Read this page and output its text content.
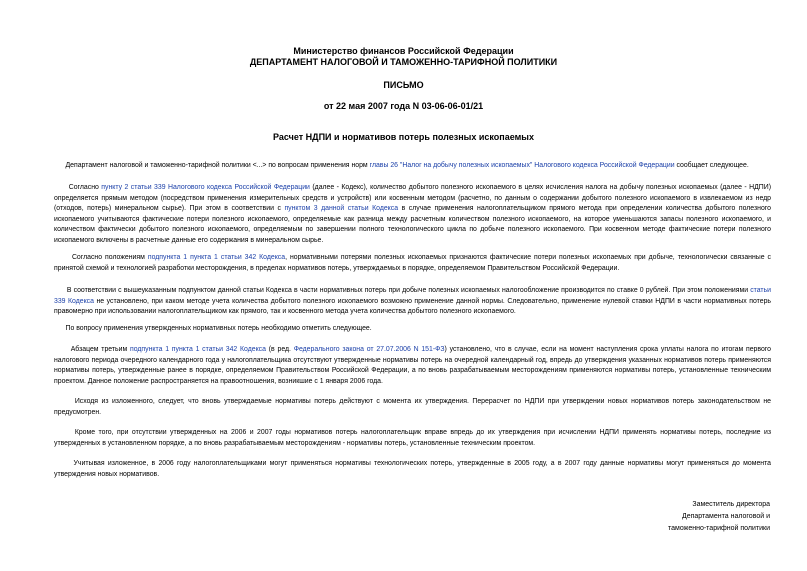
Министерство финансов Российской Федерации
ДЕПАРТАМЕНТ НАЛОГОВОЙ И ТАМОЖЕННО-ТАРИФНОЙ ПОЛИТИКИ
ПИСЬМО
от 22 мая 2007 года N 03-06-06-01/21
Расчет НДПИ и нормативов потерь полезных ископаемых
Департамент налоговой и таможенно-тарифной политики <...> по вопросам применения норм главы 26 "Налог на добычу полезных ископаемых" Налогового кодекса Российской Федерации сообщает следующее.
Согласно пункту 2 статьи 339 Налогового кодекса Российской Федерации (далее - Кодекс), количество добытого полезного ископаемого в целях исчисления налога на добычу полезных ископаемых (далее - НДПИ) определяется прямым методом (посредством применения измерительных средств и устройств) или косвенным методом (расчетно, по данным о содержании добытого полезного ископаемого в извлекаемом из недр (отходов, потерь) минеральном сырье). При этом в соответствии с пунктом 3 данной статьи Кодекса в случае применения налогоплательщиком прямого метода при определении количества добытого полезного ископаемого учитываются фактические потери полезного ископаемого, определяемые как разница между расчетным количеством полезного ископаемого, на которое уменьшаются запасы полезного ископаемого, и количеством фактически добытого полезного ископаемого, определяемым по завершении полного технологического цикла по добыче полезного ископаемого. При косвенном методе фактические потери полезного ископаемого включены в расчетные данные его содержания в минеральном сырье.
Согласно положениям подпункта 1 пункта 1 статьи 342 Кодекса, нормативными потерями полезных ископаемых признаются фактические потери полезных ископаемых при добыче, технологически связанные с принятой схемой и технологией разработки месторождения, в пределах нормативов потерь, утверждаемых в порядке, определяемом Правительством Российской Федерации.
В соответствии с вышеуказанным подпунктом данной статьи Кодекса в части нормативных потерь при добыче полезных ископаемых налогообложение производится по ставке 0 рублей. При этом положениями статьи 339 Кодекса не установлено, при каком методе учета количества добытого полезного ископаемого возможно применение данной нормы. Следовательно, применение нулевой ставки НДПИ в части нормативных потерь правомерно при использовании налогоплательщиком как прямого, так и косвенного метода учета количества добытого полезного ископаемого.
По вопросу применения утвержденных нормативных потерь необходимо отметить следующее.
Абзацем третьим подпункта 1 пункта 1 статьи 342 Кодекса (в ред. Федерального закона от 27.07.2006 N 151-ФЗ) установлено, что в случае, если на момент наступления срока уплаты налога по итогам первого налогового периода очередного календарного года у налогоплательщика отсутствуют утвержденные нормативы потерь на очередной календарный год, впредь до утверждения указанных нормативов потерь применяются нормативы потерь, утвержденные ранее в порядке, определяемом Правительством Российской Федерации, а по вновь разрабатываемым месторождениям применяются нормативы потерь, установленные техническим проектом. Данное положение распространяется на правоотношения, возникшие с 1 января 2006 года.
Исходя из изложенного, следует, что вновь утверждаемые нормативы потерь действуют с момента их утверждения. Перерасчет по НДПИ при утверждении новых нормативов потерь законодательством не предусмотрен.
Кроме того, при отсутствии утвержденных на 2006 и 2007 годы нормативов потерь налогоплательщик вправе впредь до их утверждения при исчислении НДПИ применять нормативы потерь, последние из утвержденных в установленном порядке, а по вновь разрабатываемым месторождениям - нормативы потерь, установленные техническим проектом.
Учитывая изложенное, в 2006 году налогоплательщиками могут применяться нормативы технологических потерь, утвержденные в 2005 году, а в 2007 году данные нормативы могут применяться до момента утверждения новых нормативов.
Заместитель директора
Департамента налоговой и
таможенно-тарифной политики
